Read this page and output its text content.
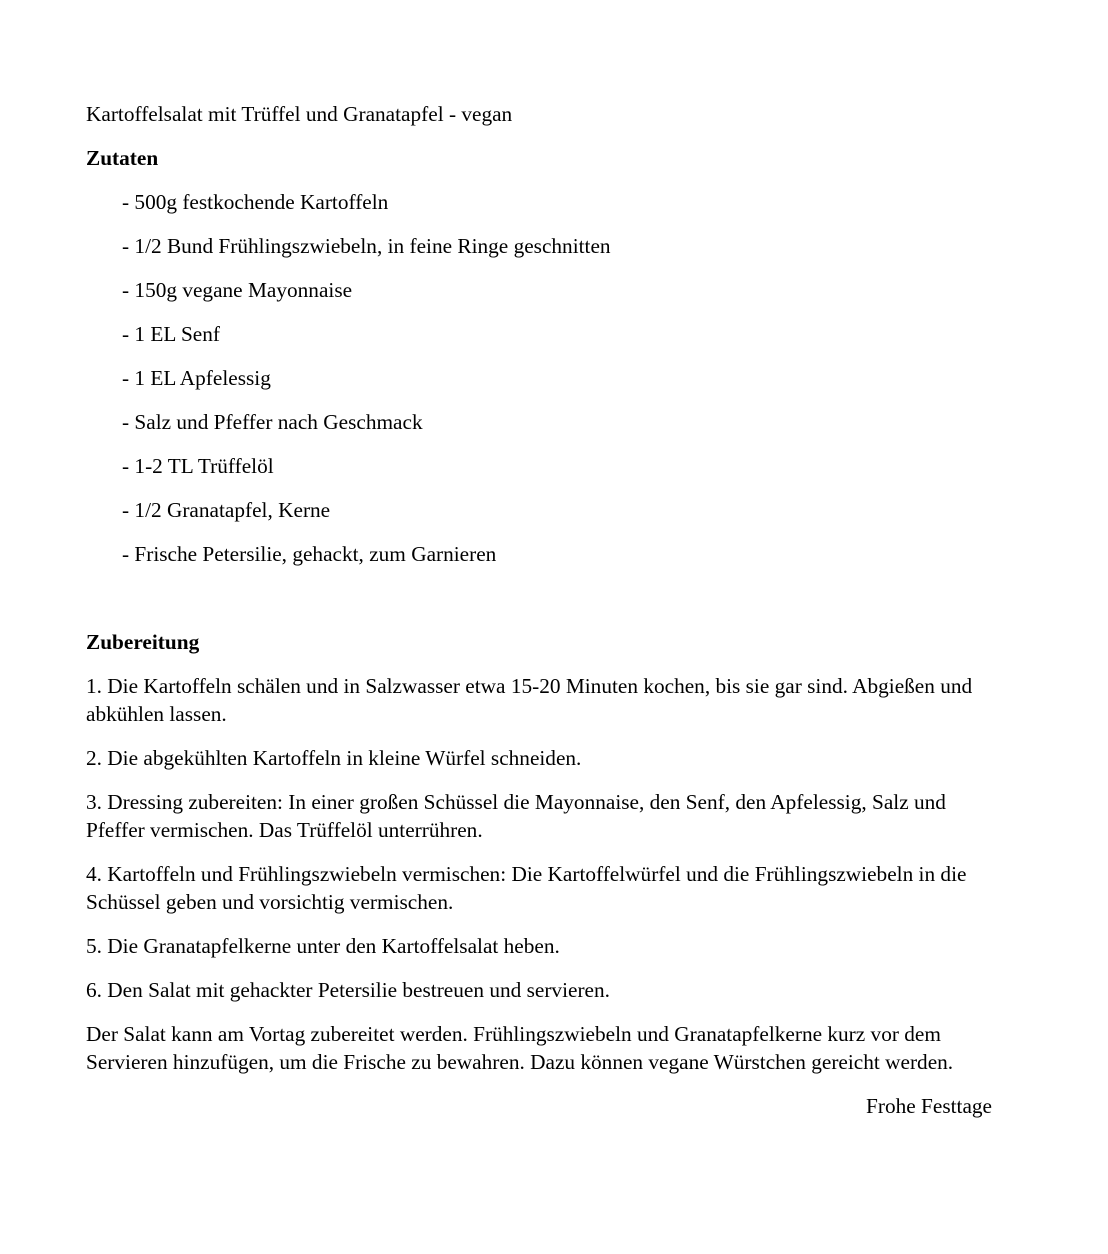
Kartoffelsalat mit Trüffel und Granatapfel - vegan

Zutaten

- 500g festkochende Kartoffeln

- 1/2 Bund Frühlingszwiebeln, in feine Ringe geschnitten

- 150g vegane Mayonnaise

- 1 EL Senf

- 1 EL Apfelessig

- Salz und Pfeffer nach Geschmack

- 1-2 TL Trüffelöl

- 1/2 Granatapfel, Kerne

- Frische Petersilie, gehackt, zum Garnieren

Zubereitung

1. Die Kartoffeln schälen und in Salzwasser etwa 15-20 Minuten kochen, bis sie gar sind. Abgießen und abkühlen lassen.

2. Die abgekühlten Kartoffeln in kleine Würfel schneiden.

3. Dressing zubereiten: In einer großen Schüssel die Mayonnaise, den Senf, den Apfelessig, Salz und Pfeffer vermischen. Das Trüffelöl unterrühren.

4. Kartoffeln und Frühlingszwiebeln vermischen: Die Kartoffelwürfel und die Frühlingszwiebeln in die Schüssel geben und vorsichtig vermischen.

5. Die Granatapfelkerne unter den Kartoffelsalat heben.

6. Den Salat mit gehackter Petersilie bestreuen und servieren.

Der Salat kann am Vortag zubereitet werden. Frühlingszwiebeln und Granatapfelkerne kurz vor dem Servieren hinzufügen, um die Frische zu bewahren. Dazu können vegane Würstchen gereicht werden.

Frohe Festtage
